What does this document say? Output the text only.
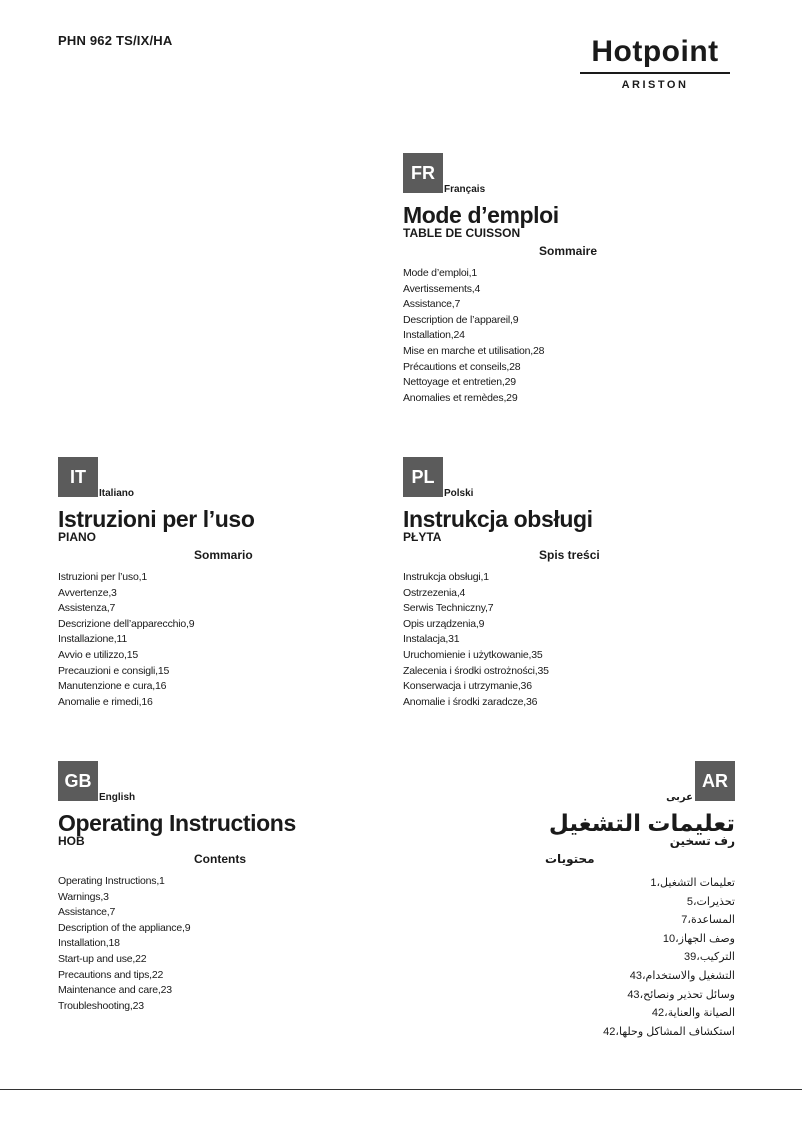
PHN 962 TS/IX/HA	Hotpoint
ARISTON
FR
Français
Mode d’emploi
TABLE DE CUISSON
Sommaire
Mode d’emploi,1
Avertissements,4
Assistance,7
Description de l’appareil,9
Installation,24
Mise en marche et utilisation,28
Précautions et conseils,28
Nettoyage et entretien,29
Anomalies et remèdes,29
IT
Italiano
Istruzioni per l’uso
PIANO
Sommario
Istruzioni per l’uso,1
Avvertenze,3
Assistenza,7
Descrizione dell’apparecchio,9
Installazione,11
Avvio e utilizzo,15
Precauzioni e consigli,15
Manutenzione e cura,16
Anomalie e rimedi,16
PL
Polski
Instrukcja obsługi
PŁYTA
Spis treści
Instrukcja obsługi,1
Ostrzezenia,4
Serwis Techniczny,7
Opis urządzenia,9
Instalacja,31
Uruchomienie i użytkowanie,35
Zalecenia i środki ostrożności,35
Konserwacja i utrzymanie,36
Anomalie i środki zaradcze,36
GB
English
Operating Instructions
HOB
Contents
Operating Instructions,1
Warnings,3
Assistance,7
Description of the appliance,9
Installation,18
Start-up and use,22
Precautions and tips,22
Maintenance and care,23
Troubleshooting,23
AR
عربى
تعليمات التشغيل
رف تسخين
محتويات
تعليمات التشغيل،1
تحذيرات،5
المساعدة،7
وصف الجهاز،10
التركيب،39
التشغيل والاستخدام،43
وسائل تحذير ونصائح،43
الصيانة والعناية،42
استكشاف المشاكل وحلها،42
